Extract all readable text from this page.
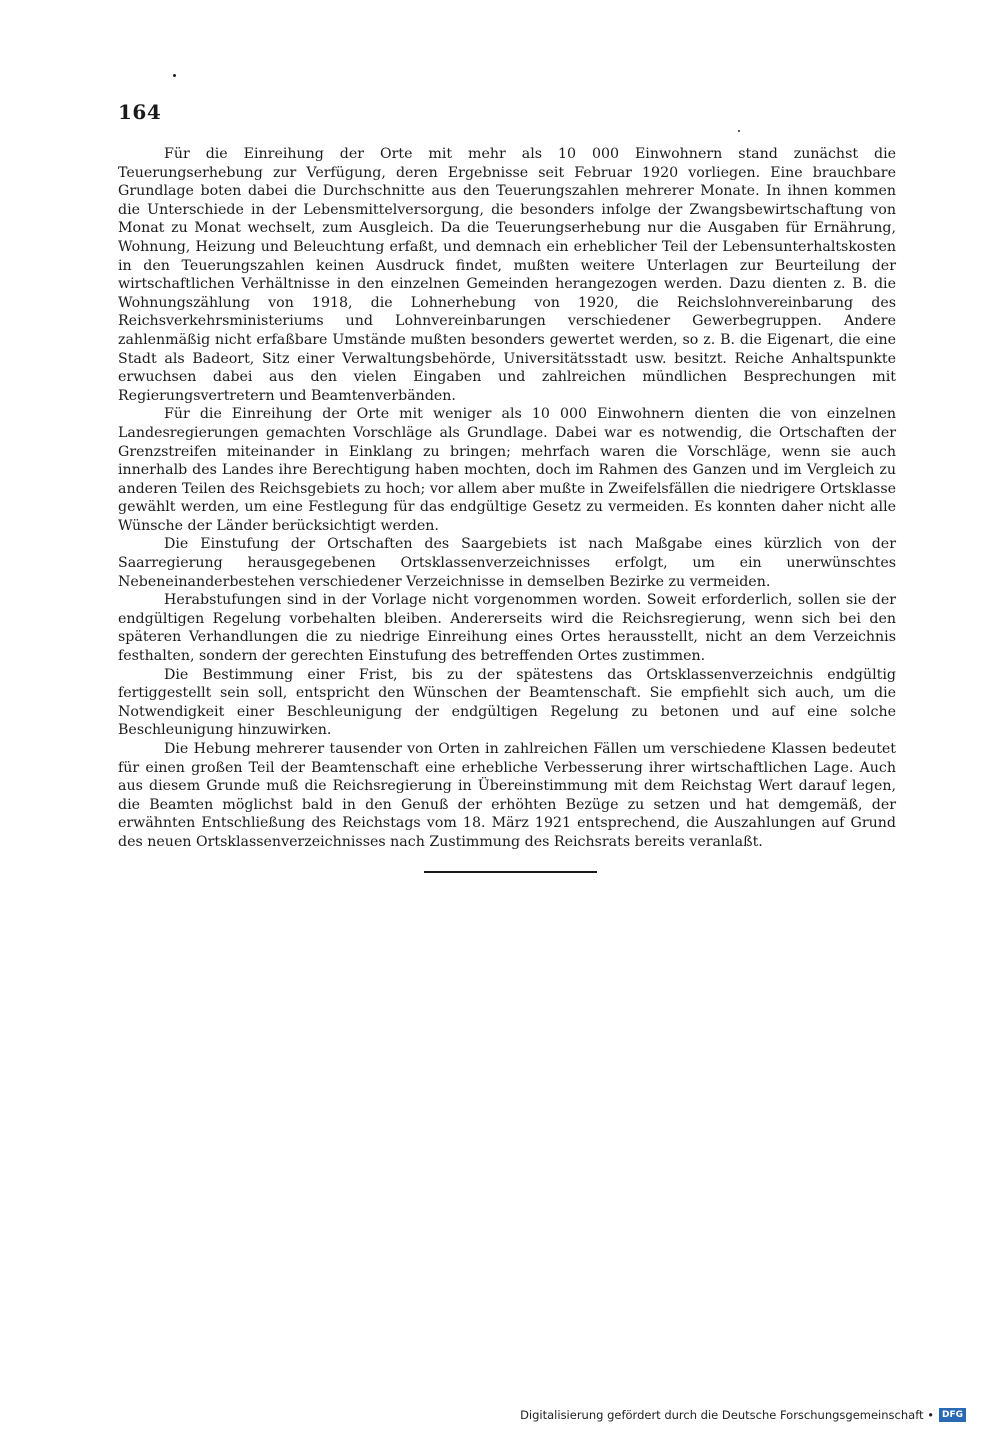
164

Für die Einreihung der Orte mit mehr als 10 000 Einwohnern stand zunächst die Teuerungserhebung zur Verfügung, deren Ergebnisse seit Februar 1920 vorliegen. Eine brauchbare Grundlage boten dabei die Durchschnitte aus den Teuerungszahlen mehrerer Monate. In ihnen kommen die Unterschiede in der Lebensmittelversorgung, die besonders infolge der Zwangsbewirtschaftung von Monat zu Monat wechselt, zum Ausgleich. Da die Teuerungserhebung nur die Ausgaben für Ernährung, Wohnung, Heizung und Beleuchtung erfaßt, und demnach ein erheblicher Teil der Lebensunterhaltskosten in den Teuerungszahlen keinen Ausdruck findet, mußten weitere Unterlagen zur Beurteilung der wirtschaftlichen Verhältnisse in den einzelnen Gemeinden herangezogen werden. Dazu dienten z. B. die Wohnungszählung von 1918, die Lohnerhebung von 1920, die Reichslohnvereinbarung des Reichsverkehrsministeriums und Lohnvereinbarungen verschiedener Gewerbegruppen. Andere zahlenmäßig nicht erfaßbare Umstände mußten besonders gewertet werden, so z. B. die Eigenart, die eine Stadt als Badeort, Sitz einer Verwaltungsbehörde, Universitätsstadt usw. besitzt. Reiche Anhaltspunkte erwuchsen dabei aus den vielen Eingaben und zahlreichen mündlichen Besprechungen mit Regierungsvertretern und Beamtenverbänden.

Für die Einreihung der Orte mit weniger als 10 000 Einwohnern dienten die von einzelnen Landesregierungen gemachten Vorschläge als Grundlage. Dabei war es notwendig, die Ortschaften der Grenzstreifen miteinander in Einklang zu bringen; mehrfach waren die Vorschläge, wenn sie auch innerhalb des Landes ihre Berechtigung haben mochten, doch im Rahmen des Ganzen und im Vergleich zu anderen Teilen des Reichsgebiets zu hoch; vor allem aber mußte in Zweifelsfällen die niedrigere Ortsklasse gewählt werden, um eine Festlegung für das endgültige Gesetz zu vermeiden. Es konnten daher nicht alle Wünsche der Länder berücksichtigt werden.

Die Einstufung der Ortschaften des Saargebiets ist nach Maßgabe eines kürzlich von der Saarregierung herausgegebenen Ortsklassenverzeichnisses erfolgt, um ein unerwünschtes Nebeneinanderbestehen verschiedener Verzeichnisse in demselben Bezirke zu vermeiden.

Herabstufungen sind in der Vorlage nicht vorgenommen worden. Soweit erforderlich, sollen sie der endgültigen Regelung vorbehalten bleiben. Andererseits wird die Reichsregierung, wenn sich bei den späteren Verhandlungen die zu niedrige Einreihung eines Ortes herausstellt, nicht an dem Verzeichnis festhalten, sondern der gerechten Einstufung des betreffenden Ortes zustimmen.

Die Bestimmung einer Frist, bis zu der spätestens das Ortsklassenverzeichnis endgültig fertiggestellt sein soll, entspricht den Wünschen der Beamtenschaft. Sie empfiehlt sich auch, um die Notwendigkeit einer Beschleunigung der endgültigen Regelung zu betonen und auf eine solche Beschleunigung hinzuwirken.

Die Hebung mehrerer tausender von Orten in zahlreichen Fällen um verschiedene Klassen bedeutet für einen großen Teil der Beamtenschaft eine erhebliche Verbesserung ihrer wirtschaftlichen Lage. Auch aus diesem Grunde muß die Reichsregierung in Übereinstimmung mit dem Reichstag Wert darauf legen, die Beamten möglichst bald in den Genuß der erhöhten Bezüge zu setzen und hat demgemäß, der erwähnten Entschließung des Reichstags vom 18. März 1921 entsprechend, die Auszahlungen auf Grund des neuen Ortsklassenverzeichnisses nach Zustimmung des Reichsrats bereits veranlaßt.

Digitalisierung gefördert durch die Deutsche Forschungsgemeinschaft • DFG
